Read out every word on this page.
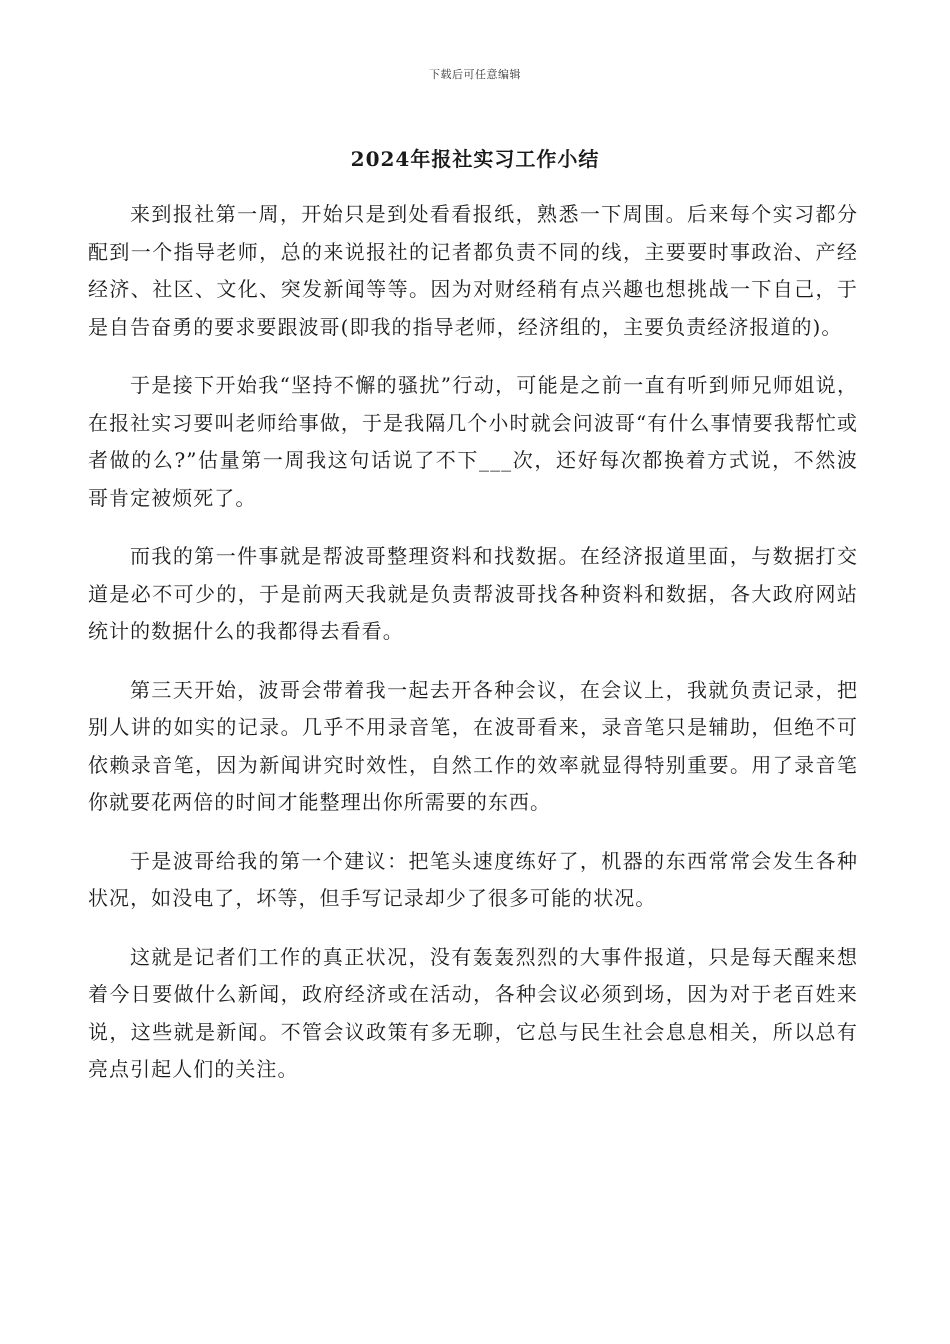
下载后可任意编辑
2024年报社实习工作小结

来到报社第一周，开始只是到处看看报纸，熟悉一下周围。后来每个实习都分配到一个指导老师，总的来说报社的记者都负责不同的线，主要要时事政治、产经经济、社区、文化、突发新闻等等。因为对财经稍有点兴趣也想挑战一下自己，于是自告奋勇的要求要跟波哥(即我的指导老师，经济组的，主要负责经济报道的)。

于是接下开始我“坚持不懈的骚扰”行动，可能是之前一直有听到师兄师姐说，在报社实习要叫老师给事做，于是我隔几个小时就会问波哥“有什么事情要我帮忙或者做的么?”估量第一周我这句话说了不下___次，还好每次都换着方式说，不然波哥肯定被烦死了。

而我的第一件事就是帮波哥整理资料和找数据。在经济报道里面，与数据打交道是必不可少的，于是前两天我就是负责帮波哥找各种资料和数据，各大政府网站统计的数据什么的我都得去看看。

第三天开始，波哥会带着我一起去开各种会议，在会议上，我就负责记录，把别人讲的如实的记录。几乎不用录音笔，在波哥看来，录音笔只是辅助，但绝不可依赖录音笔，因为新闻讲究时效性，自然工作的效率就显得特别重要。用了录音笔你就要花两倍的时间才能整理出你所需要的东西。

于是波哥给我的第一个建议：把笔头速度练好了，机器的东西常常会发生各种状况，如没电了，坏等，但手写记录却少了很多可能的状况。

这就是记者们工作的真正状况，没有轰轰烈烈的大事件报道，只是每天醒来想着今日要做什么新闻，政府经济或在活动，各种会议必须到场，因为对于老百姓来说，这些就是新闻。不管会议政策有多无聊，它总与民生社会息息相关，所以总有亮点引起人们的关注。
